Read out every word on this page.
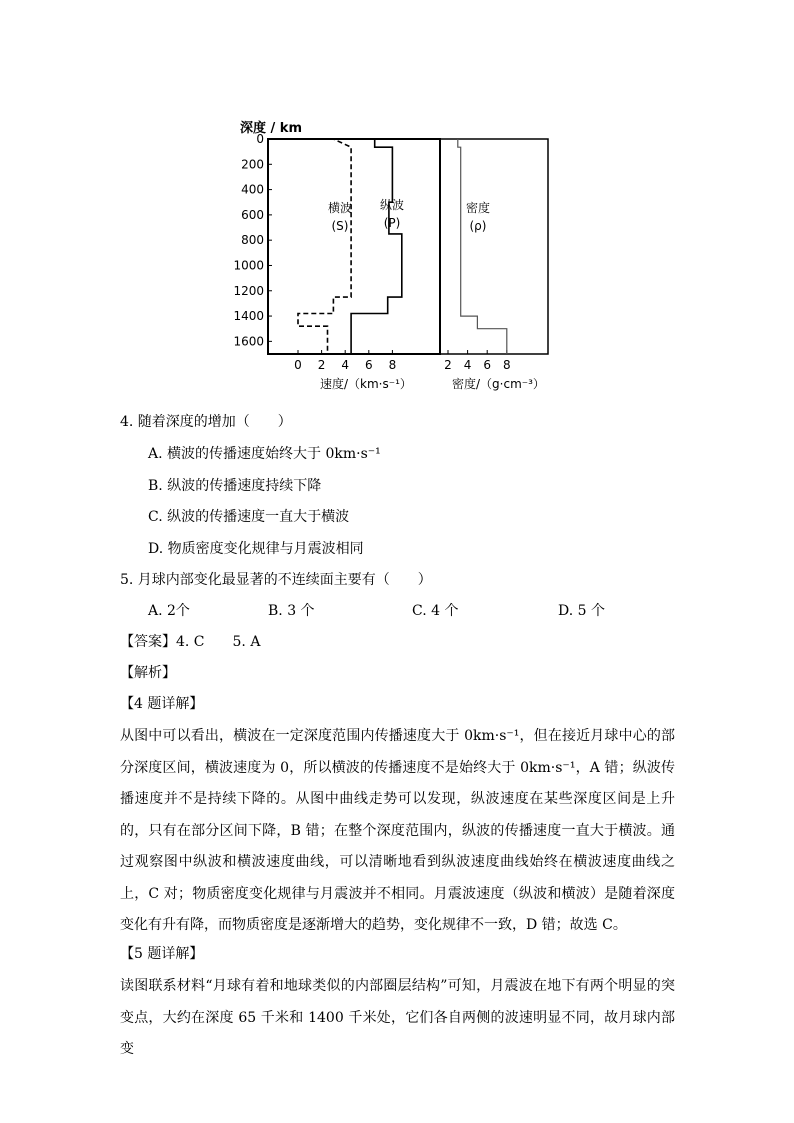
深度 / km
0
200
400
600
800
1000
1200
1400
1600
0 2 4 6 8	2 4 6 8
横波
(S)
纵波
(P)
密度
(ρ)
速度/（km·s⁻¹）	密度/（g·cm⁻³）
4. 随着深度的增加（　　）
A. 横波的传播速度始终大于 0km·s⁻¹
B. 纵波的传播速度持续下降
C. 纵波的传播速度一直大于横波
D. 物质密度变化规律与月震波相同
5. 月球内部变化最显著的不连续面主要有（　　）
A. 2个	B. 3 个	C. 4 个	D. 5 个
【答案】4. C　　5. A
【解析】
【4 题详解】

从图中可以看出，横波在一定深度范围内传播速度大于 0km·s⁻¹，但在接近月球中心的部分深度区间，横波速度为 0，所以横波的传播速度不是始终大于 0km·s⁻¹，A 错；纵波传播速度并不是持续下降的。从图中曲线走势可以发现，纵波速度在某些深度区间是上升的，只有在部分区间下降，B 错；在整个深度范围内，纵波的传播速度一直大于横波。通过观察图中纵波和横波速度曲线，可以清晰地看到纵波速度曲线始终在横波速度曲线之上，C 对；物质密度变化规律与月震波并不相同。月震波速度（纵波和横波）是随着深度变化有升有降，而物质密度是逐渐增大的趋势，变化规律不一致，D 错；故选 C。

【5 题详解】

读图联系材料“月球有着和地球类似的内部圈层结构”可知，月震波在地下有两个明显的突变点，大约在深度 65 千米和 1400 千米处，它们各自两侧的波速明显不同，故月球内部变
